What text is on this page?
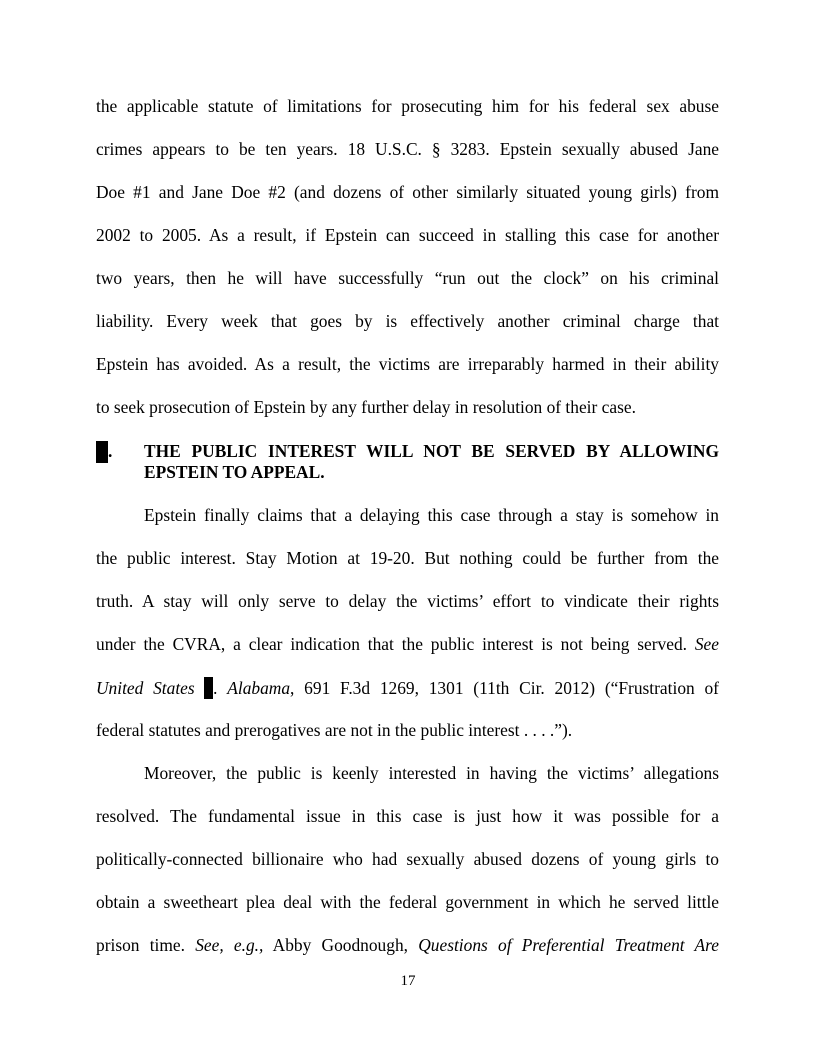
the applicable statute of limitations for prosecuting him for his federal sex abuse
crimes appears to be ten years. 18 U.S.C. § 3283. Epstein sexually abused Jane
Doe #1 and Jane Doe #2 (and dozens of other similarly situated young girls) from
2002 to 2005. As a result, if Epstein can succeed in stalling this case for another
two years, then he will have successfully “run out the clock” on his criminal
liability. Every week that goes by is effectively another criminal charge that
Epstein has avoided. As a result, the victims are irreparably harmed in their ability
to seek prosecution of Epstein by any further delay in resolution of their case.
. THE PUBLIC INTEREST WILL NOT BE SERVED BY ALLOWING
EPSTEIN TO APPEAL.
Epstein finally claims that a delaying this case through a stay is somehow in
the public interest. Stay Motion at 19-20. But nothing could be further from the
truth. A stay will only serve to delay the victims’ effort to vindicate their rights
under the CVRA, a clear indication that the public interest is not being served. See
United States . Alabama, 691 F.3d 1269, 1301 (11th Cir. 2012) (“Frustration of
federal statutes and prerogatives are not in the public interest . . . .”).
Moreover, the public is keenly interested in having the victims’ allegations
resolved. The fundamental issue in this case is just how it was possible for a
politically-connected billionaire who had sexually abused dozens of young girls to
obtain a sweetheart plea deal with the federal government in which he served little
prison time. See, e.g., Abby Goodnough, Questions of Preferential Treatment Are
17
